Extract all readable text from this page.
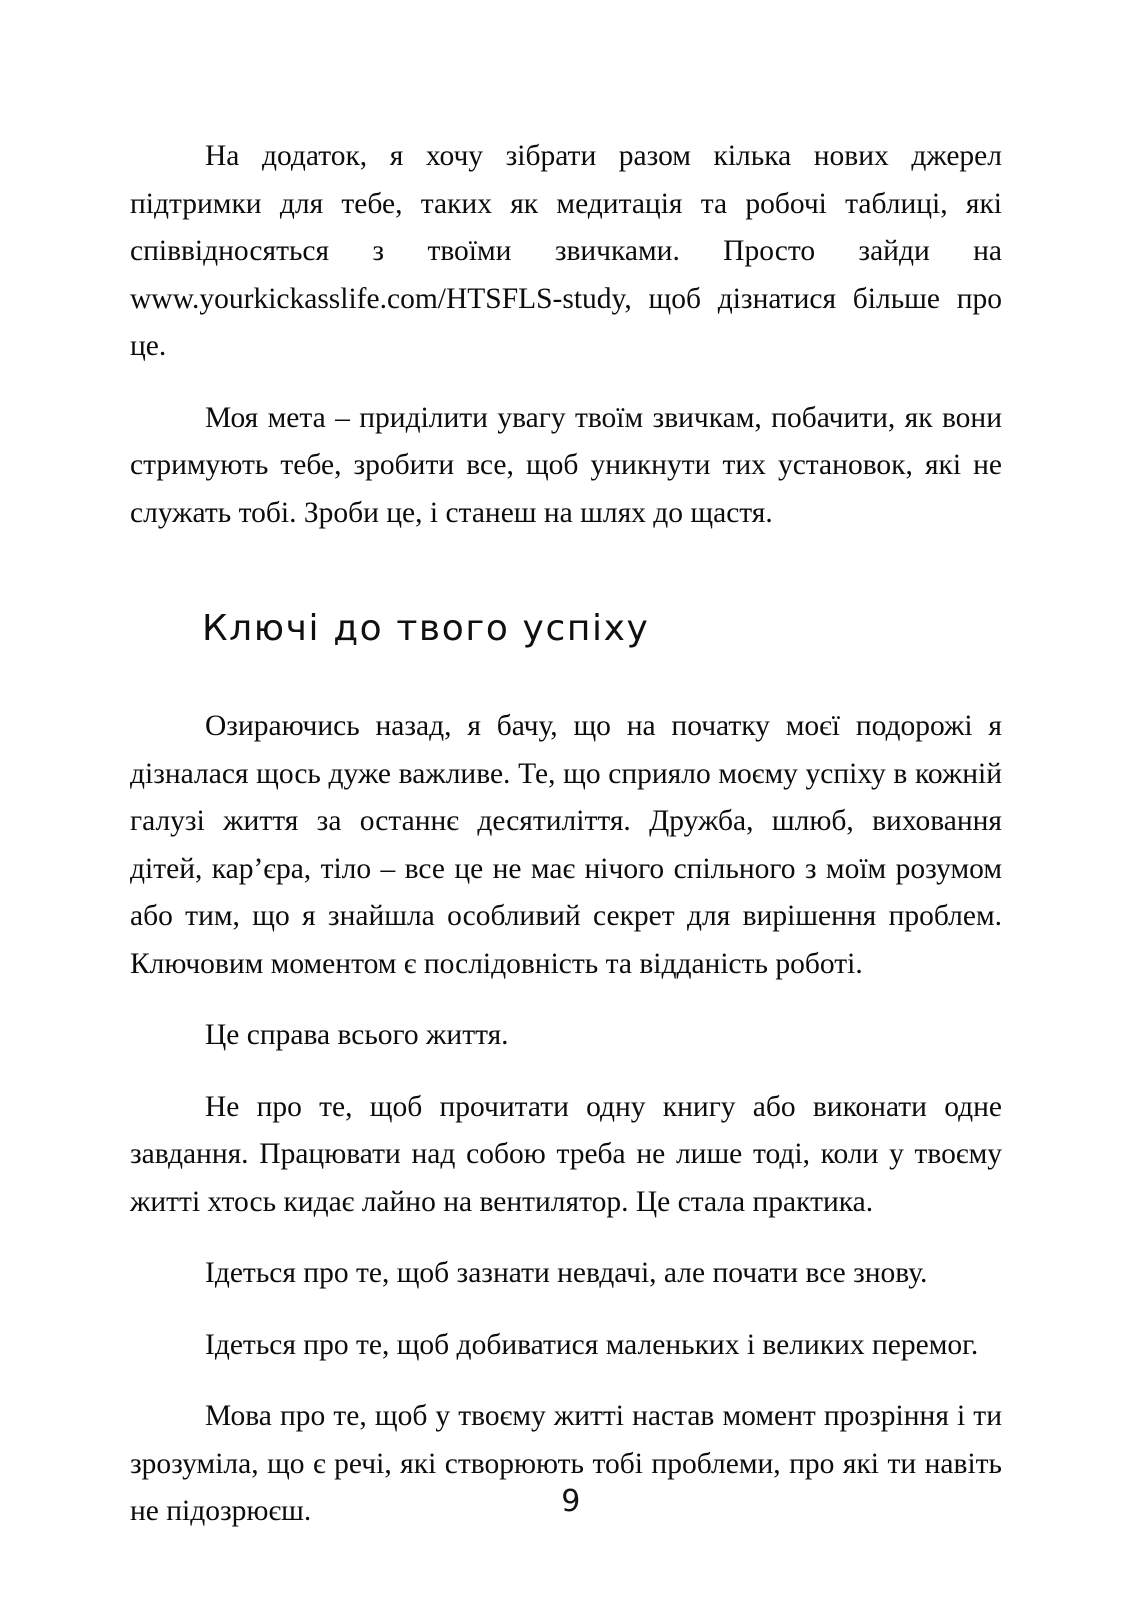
На додаток, я хочу зібрати разом кілька нових джерел підтримки для тебе, таких як медитація та робочі таблиці, які співвідносяться з твоїми звичками. Просто зайди на www.yourkickasslife.com/HTSFLS-study, щоб дізнатися більше про це.

Моя мета – приділити увагу твоїм звичкам, побачити, як вони стримують тебе, зробити все, щоб уникнути тих установок, які не служать тобі. Зроби це, і станеш на шлях до щастя.

Ключі до твого успіху

Озираючись назад, я бачу, що на початку моєї подорожі я дізналася щось дуже важливе. Те, що сприяло моєму успіху в кожній галузі життя за останнє десятиліття. Дружба, шлюб, виховання дітей, кар’єра, тіло – все це не має нічого спільного з моїм розумом або тим, що я знайшла особливий секрет для вирішення проблем. Ключовим моментом є послідовність та відданість роботі.

Це справа всього життя.

Не про те, щоб прочитати одну книгу або виконати одне завдання. Працювати над собою треба не лише тоді, коли у твоєму житті хтось кидає лайно на вентилятор. Це стала практика.

Ідеться про те, щоб зазнати невдачі, але почати все знову.

Ідеться про те, щоб добиватися маленьких і великих перемог.

Мова про те, щоб у твоєму житті настав момент прозріння і ти зрозуміла, що є речі, які створюють тобі проблеми, про які ти навіть не підозрюєш.	9
